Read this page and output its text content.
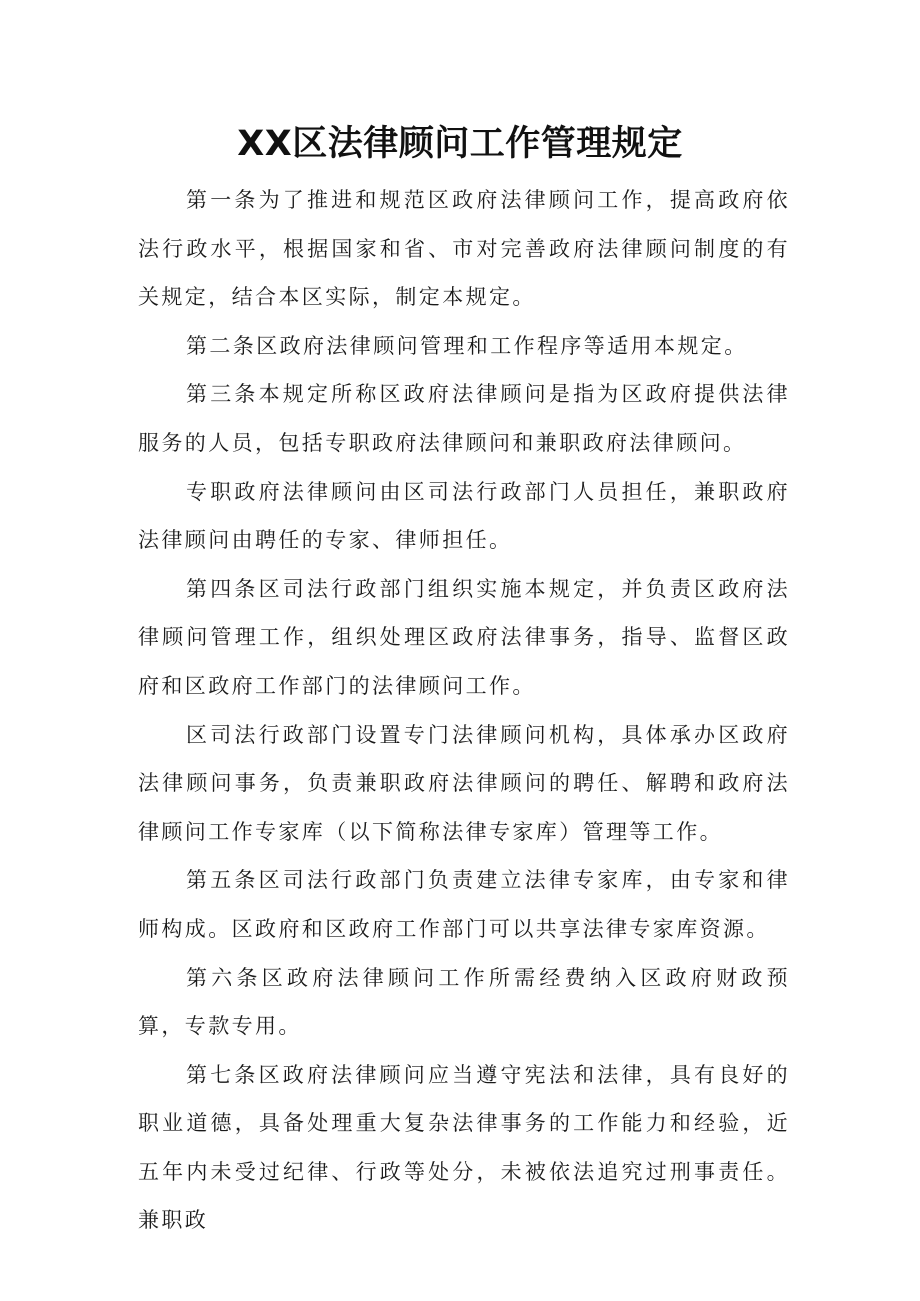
XX区法律顾问工作管理规定

第一条为了推进和规范区政府法律顾问工作，提高政府依法行政水平，根据国家和省、市对完善政府法律顾问制度的有关规定，结合本区实际，制定本规定。

第二条区政府法律顾问管理和工作程序等适用本规定。

第三条本规定所称区政府法律顾问是指为区政府提供法律服务的人员，包括专职政府法律顾问和兼职政府法律顾问。

专职政府法律顾问由区司法行政部门人员担任，兼职政府法律顾问由聘任的专家、律师担任。

第四条区司法行政部门组织实施本规定，并负责区政府法律顾问管理工作，组织处理区政府法律事务，指导、监督区政府和区政府工作部门的法律顾问工作。

区司法行政部门设置专门法律顾问机构，具体承办区政府法律顾问事务，负责兼职政府法律顾问的聘任、解聘和政府法律顾问工作专家库（以下简称法律专家库）管理等工作。

第五条区司法行政部门负责建立法律专家库，由专家和律师构成。区政府和区政府工作部门可以共享法律专家库资源。

第六条区政府法律顾问工作所需经费纳入区政府财政预算，专款专用。

第七条区政府法律顾问应当遵守宪法和法律，具有良好的职业道德，具备处理重大复杂法律事务的工作能力和经验，近五年内未受过纪律、行政等处分，未被依法追究过刑事责任。兼职政
